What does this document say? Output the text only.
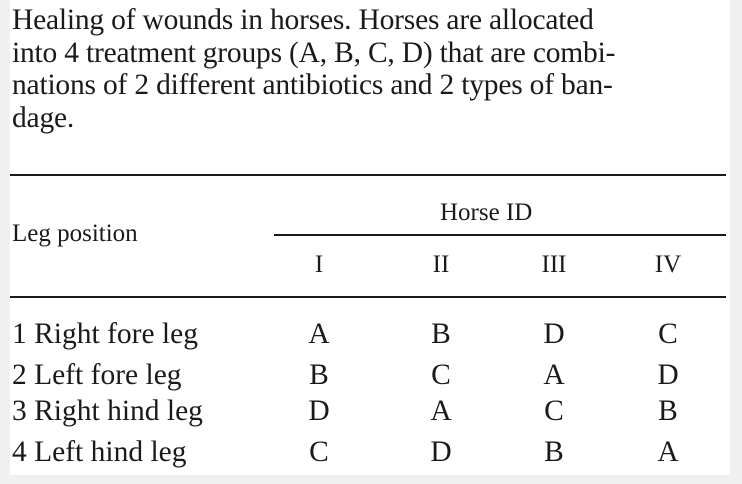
Healing of wounds in horses. Horses are allocated
into 4 treatment groups (A, B, C, D) that are combi-
nations of 2 different antibiotics and 2 types of ban-
dage.
Horse ID
Leg position
I	II	III	IV
1 Right fore leg	A	B	D	C
2 Left fore leg	B	C	A	D
3 Right hind leg	D	A	C	B
4 Left hind leg	C	D	B	A
